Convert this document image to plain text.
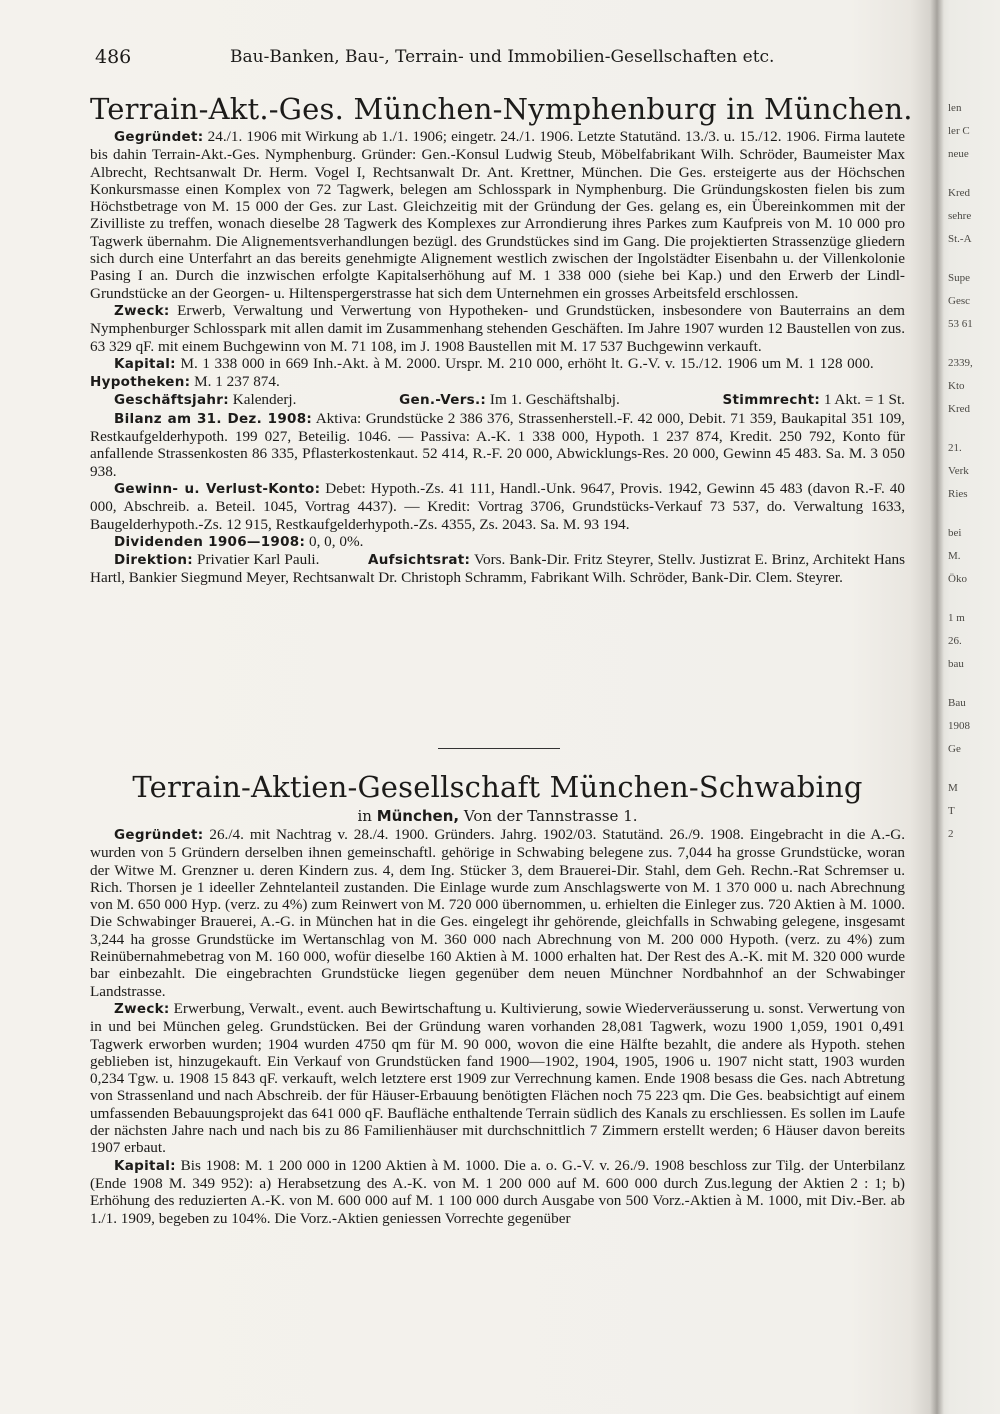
486	Bau-Banken, Bau-, Terrain- und Immobilien-Gesellschaften etc.
Terrain-Akt.-Ges. München-Nymphenburg in München.

Gegründet: 24./1. 1906 mit Wirkung ab 1./1. 1906; eingetr. 24./1. 1906. Letzte Statutänd. 13./3. u. 15./12. 1906. Firma lautete bis dahin Terrain-Akt.-Ges. Nymphenburg. Gründer: Gen.-Konsul Ludwig Steub, Möbelfabrikant Wilh. Schröder, Baumeister Max Albrecht, Rechtsanwalt Dr. Herm. Vogel I, Rechtsanwalt Dr. Ant. Krettner, München. Die Ges. ersteigerte aus der Höchschen Konkursmasse einen Komplex von 72 Tagwerk, belegen am Schlosspark in Nymphenburg. Die Gründungskosten fielen bis zum Höchstbetrage von M. 15 000 der Ges. zur Last. Gleichzeitig mit der Gründung der Ges. gelang es, ein Übereinkommen mit der Zivilliste zu treffen, wonach dieselbe 28 Tagwerk des Komplexes zur Arrondierung ihres Parkes zum Kaufpreis von M. 10 000 pro Tagwerk übernahm. Die Alignementsverhandlungen bezügl. des Grundstückes sind im Gang. Die projektierten Strassenzüge gliedern sich durch eine Unterfahrt an das bereits genehmigte Alignement westlich zwischen der Ingolstädter Eisenbahn u. der Villenkolonie Pasing I an. Durch die inzwischen erfolgte Kapitalserhöhung auf M. 1 338 000 (siehe bei Kap.) und den Erwerb der Lindl-Grundstücke an der Georgen- u. Hiltenspergerstrasse hat sich dem Unternehmen ein grosses Arbeitsfeld erschlossen.

Zweck: Erwerb, Verwaltung und Verwertung von Hypotheken- und Grundstücken, insbesondere von Bauterrains an dem Nymphenburger Schlosspark mit allen damit im Zusammenhang stehenden Geschäften. Im Jahre 1907 wurden 12 Baustellen von zus. 63 329 qF. mit einem Buchgewinn von M. 71 108, im J. 1908 Baustellen mit M. 17 537 Buchgewinn verkauft.

Kapital: M. 1 338 000 in 669 Inh.-Akt. à M. 2000. Urspr. M. 210 000, erhöht lt. G.-V. v. 15./12. 1906 um M. 1 128 000.        Hypotheken: M. 1 237 874.

Geschäftsjahr: Kalenderj.	Gen.-Vers.: Im 1. Geschäftshalbj.	Stimmrecht: 1 Akt. = 1 St.

Bilanz am 31. Dez. 1908: Aktiva: Grundstücke 2 386 376, Strassenherstell.-F. 42 000, Debit. 71 359, Baukapital 351 109, Restkaufgelderhypoth. 199 027, Beteilig. 1046. — Passiva: A.-K. 1 338 000, Hypoth. 1 237 874, Kredit. 250 792, Konto für anfallende Strassenkosten 86 335, Pflasterkostenkaut. 52 414, R.-F. 20 000, Abwicklungs-Res. 20 000, Gewinn 45 483. Sa. M. 3 050 938.

Gewinn- u. Verlust-Konto: Debet: Hypoth.-Zs. 41 111, Handl.-Unk. 9647, Provis. 1942, Gewinn 45 483 (davon R.-F. 40 000, Abschreib. a. Beteil. 1045, Vortrag 4437). — Kredit: Vortrag 3706, Grundstücks-Verkauf 73 537, do. Verwaltung 1633, Baugelderhypoth.-Zs. 12 915, Restkaufgelderhypoth.-Zs. 4355, Zs. 2043. Sa. M. 93 194.

Dividenden 1906—1908: 0, 0, 0%.

Direktion: Privatier Karl Pauli.	Aufsichtsrat: Vors. Bank-Dir. Fritz Steyrer, Stellv. Justizrat E. Brinz, Architekt Hans Hartl, Bankier Siegmund Meyer, Rechtsanwalt Dr. Christoph Schramm, Fabrikant Wilh. Schröder, Bank-Dir. Clem. Steyrer.

Terrain-Aktien-Gesellschaft München-Schwabing
in München, Von der Tannstrasse 1.

Gegründet: 26./4. mit Nachtrag v. 28./4. 1900. Gründers. Jahrg. 1902/03. Statutänd. 26./9. 1908. Eingebracht in die A.-G. wurden von 5 Gründern derselben ihnen gemeinschaftl. gehörige in Schwabing belegene zus. 7,044 ha grosse Grundstücke, woran der Witwe M. Grenzner u. deren Kindern zus. 4, dem Ing. Stücker 3, dem Brauerei-Dir. Stahl, dem Geh. Rechn.-Rat Schremser u. Rich. Thorsen je 1 ideeller Zehntelanteil zustanden. Die Einlage wurde zum Anschlagswerte von M. 1 370 000 u. nach Abrechnung von M. 650 000 Hyp. (verz. zu 4%) zum Reinwert von M. 720 000 übernommen, u. erhielten die Einleger zus. 720 Aktien à M. 1000. Die Schwabinger Brauerei, A.-G. in München hat in die Ges. eingelegt ihr gehörende, gleichfalls in Schwabing gelegene, insgesamt 3,244 ha grosse Grundstücke im Wertanschlag von M. 360 000 nach Abrechnung von M. 200 000 Hypoth. (verz. zu 4%) zum Reinübernahmebetrag von M. 160 000, wofür dieselbe 160 Aktien à M. 1000 erhalten hat. Der Rest des A.-K. mit M. 320 000 wurde bar einbezahlt. Die eingebrachten Grundstücke liegen gegenüber dem neuen Münchner Nordbahnhof an der Schwabinger Landstrasse.

Zweck: Erwerbung, Verwalt., event. auch Bewirtschaftung u. Kultivierung, sowie Wiederveräusserung u. sonst. Verwertung von in und bei München geleg. Grundstücken. Bei der Gründung waren vorhanden 28,081 Tagwerk, wozu 1900 1,059, 1901 0,491 Tagwerk erworben wurden; 1904 wurden 4750 qm für M. 90 000, wovon die eine Hälfte bezahlt, die andere als Hypoth. stehen geblieben ist, hinzugekauft. Ein Verkauf von Grundstücken fand 1900—1902, 1904, 1905, 1906 u. 1907 nicht statt, 1903 wurden 0,234 Tgw. u. 1908 15 843 qF. verkauft, welch letztere erst 1909 zur Verrechnung kamen. Ende 1908 besass die Ges. nach Abtretung von Strassenland und nach Abschreib. der für Häuser-Erbauung benötigten Flächen noch 75 223 qm. Die Ges. beabsichtigt auf einem umfassenden Bebauungsprojekt das 641 000 qF. Baufläche enthaltende Terrain südlich des Kanals zu erschliessen. Es sollen im Laufe der nächsten Jahre nach und nach bis zu 86 Familienhäuser mit durchschnittlich 7 Zimmern erstellt werden; 6 Häuser davon bereits 1907 erbaut.

Kapital: Bis 1908: M. 1 200 000 in 1200 Aktien à M. 1000. Die a. o. G.-V. v. 26./9. 1908 beschloss zur Tilg. der Unterbilanz (Ende 1908 M. 349 952): a) Herabsetzung des A.-K. von M. 1 200 000 auf M. 600 000 durch Zus.legung der Aktien 2 : 1; b) Erhöhung des reduzierten A.-K. von M. 600 000 auf M. 1 100 000 durch Ausgabe von 500 Vorz.-Aktien à M. 1000, mit Div.-Ber. ab 1./1. 1909, begeben zu 104%. Die Vorz.-Aktien geniessen Vorrechte gegenüber

len
ler C
neue
Kred
sehre
St.-A
Supe
Gesc
53 61
2339,
Kto
Kred
21.
Verk
Ries
bei
M.
Öko
1 m
26.
bau
Bau
1908
Ge
M
T
2
